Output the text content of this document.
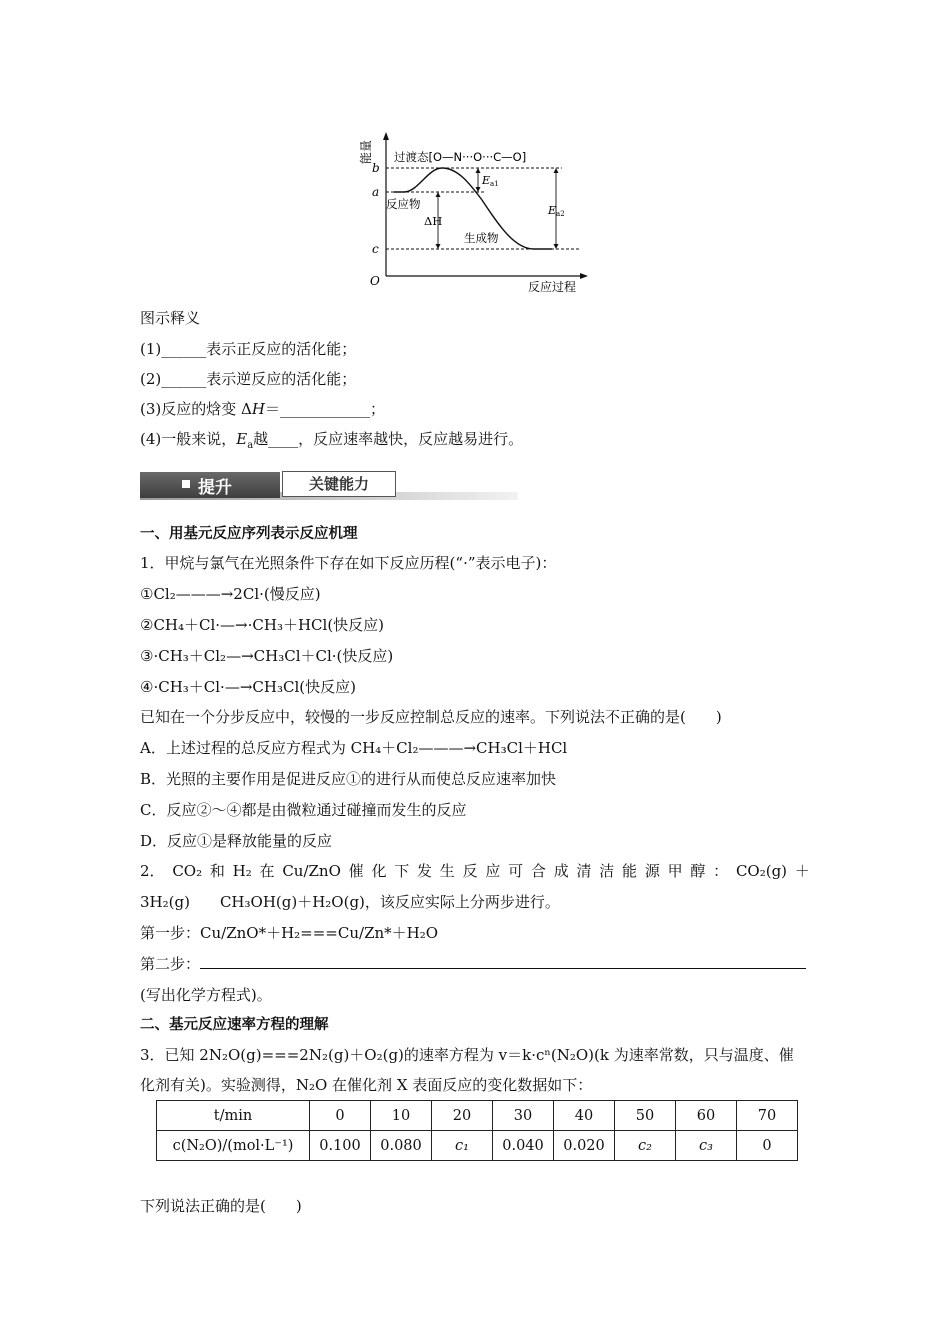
能量
b
a
c
O
过渡态[O—N···O···C—O]
反应物
生成物
反应过程
Ea1
ΔH
Ea2
图示释义
(1)______表示正反应的活化能；
(2)______表示逆反应的活化能；
(3)反应的焓变 ΔH＝____________；
(4)一般来说，$E_a$越____，反应速率越快，反应越易进行。
提升	关键能力
一、用基元反应序列表示反应机理
1．甲烷与氯气在光照条件下存在如下反应历程(“·”表示电子)：
①Cl₂———→2Cl·(慢反应)
②CH₄＋Cl·—→·CH₃＋HCl(快反应)
③·CH₃＋Cl₂—→CH₃Cl＋Cl·(快反应)
④·CH₃＋Cl·—→CH₃Cl(快反应)
已知在一个分步反应中，较慢的一步反应控制总反应的速率。下列说法不正确的是(　　)
A．上述过程的总反应方程式为 CH₄＋Cl₂———→CH₃Cl＋HCl
B．光照的主要作用是促进反应①的进行从而使总反应速率加快
C．反应②～④都是由微粒通过碰撞而发生的反应
D．反应①是释放能量的反应
2． CO₂ 和 H₂ 在 Cu/ZnO 催 化 下 发 生 反 应 可 合 成 清 洁 能 源 甲 醇 ： CO₂(g) ＋
3H₂(g)　　CH₃OH(g)＋H₂O(g)，该反应实际上分两步进行。
第一步：Cu/ZnO*＋H₂===Cu/Zn*＋H₂O
第二步：
(写出化学方程式)。
二、基元反应速率方程的理解
3．已知 2N₂O(g)===2N₂(g)＋O₂(g)的速率方程为 v＝k·cⁿ(N₂O)(k 为速率常数，只与温度、催
化剂有关)。实验测得，N₂O 在催化剂 X 表面反应的变化数据如下：
t/min	0	10	20	30	40	50	60	70
c(N₂O)/(mol·L⁻¹)	0.100	0.080	c₁	0.040	0.020	c₂	c₃	0
下列说法正确的是(　　)
